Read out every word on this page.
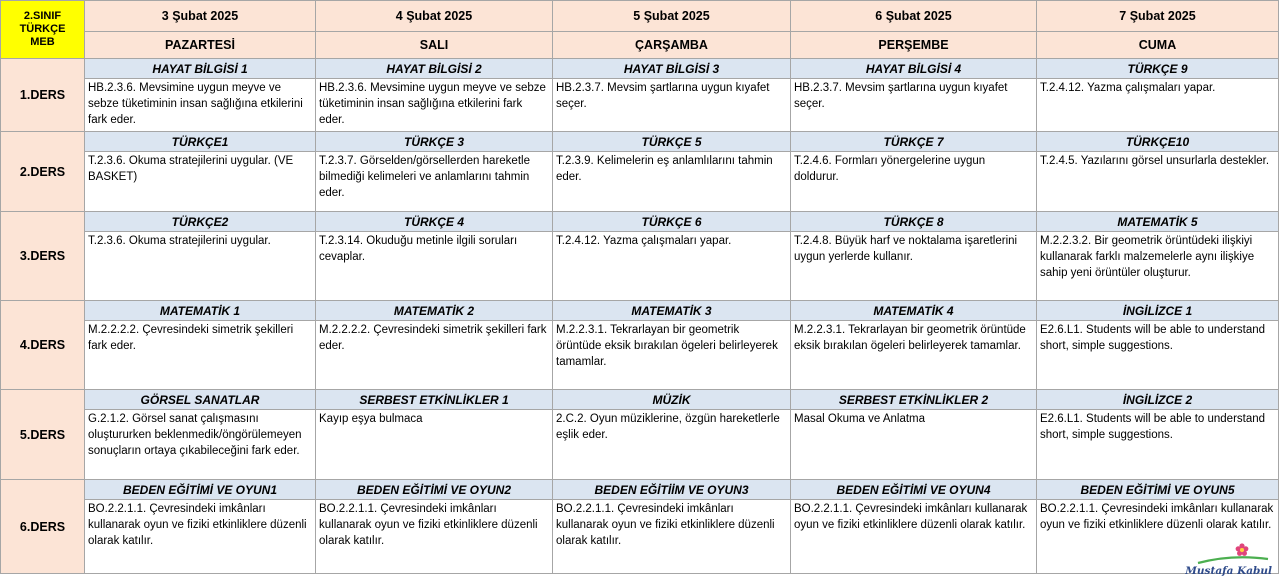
2.SINIF
TÜRKÇE
MEB	3 Şubat 2025	4 Şubat 2025	5 Şubat 2025	6 Şubat 2025	7 Şubat 2025
	PAZARTESİ	SALI	ÇARŞAMBA	PERŞEMBE	CUMA
1.DERS	HAYAT BİLGİSİ 1	HAYAT BİLGİSİ 2	HAYAT BİLGİSİ 3	HAYAT BİLGİSİ 4	TÜRKÇE 9
	HB.2.3.6. Mevsimine uygun meyve ve sebze tüketiminin insan sağlığına etkilerini fark eder.	HB.2.3.6. Mevsimine uygun meyve ve sebze tüketiminin insan sağlığına etkilerini fark eder.	HB.2.3.7. Mevsim şartlarına uygun kıyafet seçer.	HB.2.3.7. Mevsim şartlarına uygun kıyafet seçer.	T.2.4.12. Yazma çalışmaları yapar.
2.DERS	TÜRKÇE1	TÜRKÇE 3	TÜRKÇE 5	TÜRKÇE 7	TÜRKÇE10
	T.2.3.6. Okuma stratejilerini uygular. (VE BASKET)	T.2.3.7. Görselden/görsellerden hareketle bilmediği kelimeleri ve anlamlarını tahmin eder.	T.2.3.9. Kelimelerin eş anlamlılarını tahmin eder.	T.2.4.6. Formları yönergelerine uygun doldurur.	T.2.4.5. Yazılarını görsel unsurlarla destekler.
3.DERS	TÜRKÇE2	TÜRKÇE 4	TÜRKÇE 6	TÜRKÇE 8	MATEMATİK 5
	T.2.3.6. Okuma stratejilerini uygular.	T.2.3.14. Okuduğu metinle ilgili soruları cevaplar.	T.2.4.12. Yazma çalışmaları yapar.	T.2.4.8. Büyük harf ve noktalama işaretlerini uygun yerlerde kullanır.	M.2.2.3.2. Bir geometrik örüntüdeki ilişkiyi kullanarak farklı malzemelerle aynı ilişkiye sahip yeni örüntüler oluşturur.
4.DERS	MATEMATİK 1	MATEMATİK 2	MATEMATİK 3	MATEMATİK 4	İNGİLİZCE 1
	M.2.2.2.2. Çevresindeki simetrik şekilleri fark eder.	M.2.2.2.2. Çevresindeki simetrik şekilleri fark eder.	M.2.2.3.1. Tekrarlayan bir geometrik örüntüde eksik bırakılan ögeleri belirleyerek tamamlar.	M.2.2.3.1. Tekrarlayan bir geometrik örüntüde eksik bırakılan ögeleri belirleyerek tamamlar.	E2.6.L1. Students will be able to understand short, simple suggestions.
5.DERS	GÖRSEL SANATLAR	SERBEST ETKİNLİKLER 1	MÜZİK	SERBEST ETKİNLİKLER 2	İNGİLİZCE 2
	G.2.1.2. Görsel sanat çalışmasını oluştururken beklenmedik/öngörülemeyen sonuçların ortaya çıkabileceğini fark eder.	Kayıp eşya bulmaca	2.C.2. Oyun müziklerine, özgün hareketlerle eşlik eder.	Masal Okuma ve Anlatma	E2.6.L1. Students will be able to understand short, simple suggestions.
6.DERS	BEDEN EĞİTİMİ VE OYUN1	BEDEN EĞİTİMİ VE OYUN2	BEDEN EĞİTİİM VE OYUN3	BEDEN EĞİTİMİ VE OYUN4	BEDEN EĞİTİMİ VE OYUN5
	BO.2.2.1.1. Çevresindeki imkânları kullanarak oyun ve fiziki etkinliklere düzenli olarak katılır.	BO.2.2.1.1. Çevresindeki imkânları kullanarak oyun ve fiziki etkinliklere düzenli olarak katılır.	BO.2.2.1.1. Çevresindeki imkânları kullanarak oyun ve fiziki etkinliklere düzenli olarak katılır.	BO.2.2.1.1. Çevresindeki imkânları kullanarak oyun ve fiziki etkinliklere düzenli olarak katılır.	BO.2.2.1.1. Çevresindeki imkânları kullanarak oyun ve fiziki etkinliklere düzenli olarak katılır.
Mustafa Kabul
